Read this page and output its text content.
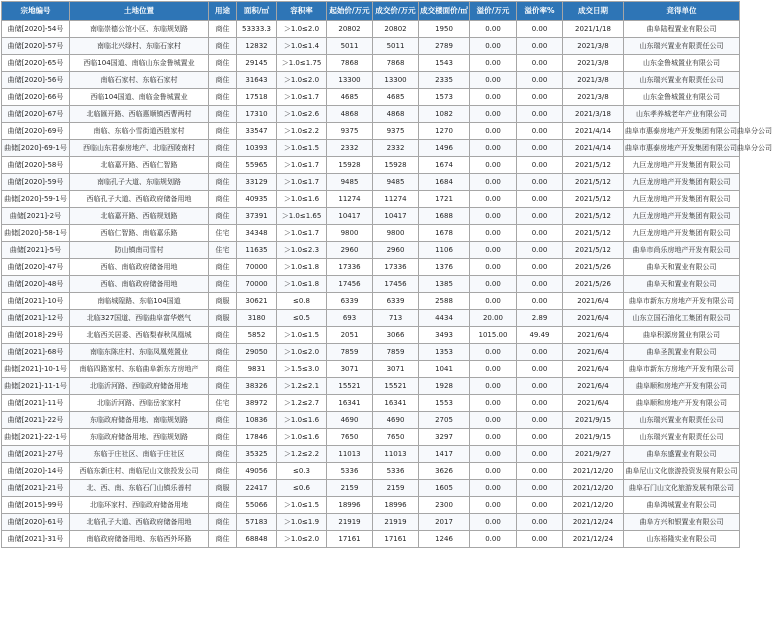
宗地编号	土地位置	用途	面积/㎡	容积率	起始价/万元	成交价/万元	成交楼面价/㎡	溢价/万元	溢价率%	成交日期	竞得单位
曲储[2020]-54号	南临崇德公馆小区、东临规划路	商住	53333.3	＞1.0≤2.0	20802	20802	1950	0.00	0.00	2021/1/18	曲阜陆程置业有限公司
曲储[2020]-57号	南临北兴绿村、东临石家村	商住	12832	＞1.0≤1.4	5011	5011	2789	0.00	0.00	2021/3/8	山东瑞兴置业有限责任公司
曲储[2020]-65号	西临104国道、南临山东金鲁城置业	商住	29145	＞1.0≤1.75	7868	7868	1543	0.00	0.00	2021/3/8	山东金鲁城置业有限公司
曲储[2020]-56号	南临石家村、东临石家村	商住	31643	＞1.0≤2.0	13300	13300	2335	0.00	0.00	2021/3/8	山东瑞兴置业有限责任公司
曲储[2020]-66号	西临104国道、南临金鲁城置业	商住	17518	＞1.0≤1.7	4685	4685	1573	0.00	0.00	2021/3/8	山东金鲁城置业有限公司
曲储[2020]-67号	北临匯开路、西临惠顺镇西曹两村	商住	17310	＞1.0≤2.6	4868	4868	1082	0.00	0.00	2021/3/18	山东孝养城老年产业有限公司
曲储[2020]-69号	南临、东临小雪街道西胜家村	商住	33547	＞1.0≤2.2	9375	9375	1270	0.00	0.00	2021/4/14	曲阜市惠泰房地产开发集团有限公司曲阜分公司
曲储[2020]-69-1号	西临山东君泰房地产、北临西陵南村	商住	10393	＞1.0≤1.5	2332	2332	1496	0.00	0.00	2021/4/14	曲阜市惠泰房地产开发集团有限公司曲阜分公司
曲储[2020]-58号	北临嘉开路、西临仁智路	商住	55965	＞1.0≤1.7	15928	15928	1674	0.00	0.00	2021/5/12	九巨龙房地产开发集团有限公司
曲储[2020]-59号	南临孔子大道、东临规划路	商住	33129	＞1.0≤1.7	9485	9485	1684	0.00	0.00	2021/5/12	九巨龙房地产开发集团有限公司
曲储[2020]-59-1号	西临孔子大道、西临政府储备用地	商住	40935	＞1.0≤1.6	11274	11274	1721	0.00	0.00	2021/5/12	九巨龙房地产开发集团有限公司
曲储[2021]-2号	北临嘉开路、西临规划路	商住	37391	＞1.0≤1.65	10417	10417	1688	0.00	0.00	2021/5/12	九巨龙房地产开发集团有限公司
曲储[2020]-58-1号	西临仁智路、南临嘉乐路	住宅	34348	＞1.0≤1.7	9800	9800	1678	0.00	0.00	2021/5/12	九巨龙房地产开发集团有限公司
曲储[2021]-5号	防山镇南司雪村	住宅	11635	＞1.0≤2.3	2960	2960	1106	0.00	0.00	2021/5/12	曲阜市尚乐房地产开发有限公司
曲储[2020]-47号	西临、南临政府储备用地	商住	70000	＞1.0≤1.8	17336	17336	1376	0.00	0.00	2021/5/26	曲阜天和置业有限公司
曲储[2020]-48号	西临、南临政府储备用地	商住	70000	＞1.0≤1.8	17456	17456	1385	0.00	0.00	2021/5/26	曲阜天和置业有限公司
曲储[2021]-10号	南临城隍路、东临104国道	商服	30621	≤0.8	6339	6339	2588	0.00	0.00	2021/6/4	曲阜市新东方房地产开发有限公司
曲储[2021]-12号	北临327国道、西临曲阜富华燃气	商服	3180	≤0.5	693	713	4434	20.00	2.89	2021/6/4	山东立国石油化工集团有限公司
曲储[2018]-29号	北临西关居委、西临梨春秋凤凰城	商住	5852	＞1.0≤1.5	2051	3066	3493	1015.00	49.49	2021/6/4	曲阜积源房置业有限公司
曲储[2021]-68号	南临东陈庄村、东临凤凰苑置业	商住	29050	＞1.0≤2.0	7859	7859	1353	0.00	0.00	2021/6/4	曲阜圣凯置业有限公司
曲储[2021]-10-1号	南临四路家村、东临曲阜新东方房地产	商住	9831	＞1.5≤3.0	3071	3071	1041	0.00	0.00	2021/6/4	曲阜市新东方房地产开发有限公司
曲储[2021]-11-1号	北临沂河路、西临政府储备用地	商住	38326	＞1.2≤2.1	15521	15521	1928	0.00	0.00	2021/6/4	曲阜顺和房地产开发有限公司
曲储[2021]-11号	北临沂河路、西临岳家家村	住宅	38972	＞1.2≤2.7	16341	16341	1553	0.00	0.00	2021/6/4	曲阜顺和房地产开发有限公司
曲储[2021]-22号	东临政府储备用地、南临规划路	商住	10836	＞1.0≤1.6	4690	4690	2705	0.00	0.00	2021/9/15	山东瑞兴置业有限责任公司
曲储[2021]-22-1号	东临政府储备用地、西临规划路	商住	17846	＞1.0≤1.6	7650	7650	3297	0.00	0.00	2021/9/15	山东瑞兴置业有限责任公司
曲储[2021]-27号	东临于庄社区、南临于庄社区	商住	35325	＞1.2≤2.2	11013	11013	1417	0.00	0.00	2021/9/27	曲阜东盛置业有限公司
曲储[2020]-14号	西临东新庄村、南临尼山文旅投发公司	商住	49056	≤0.3	5336	5336	3626	0.00	0.00	2021/12/20	曲阜尼山文化旅游投资发展有限公司
曲储[2021]-21号	北、西、南、东临石门山镇乐善村	商服	22417	≤0.6	2159	2159	1605	0.00	0.00	2021/12/20	曲阜石门山文化旅游发展有限公司
曲储[2015]-99号	北临环家村、西临政府储备用地	商住	55066	＞1.0≤1.5	18996	18996	2300	0.00	0.00	2021/12/20	曲阜鸿城置业有限公司
曲储[2020]-61号	北临孔子大道、西临政府储备用地	商住	57183	＞1.0≤1.9	21919	21919	2017	0.00	0.00	2021/12/24	曲阜方兴和银置业有限公司
曲储[2021]-31号	南临政府储备用地、东临西外环路	商住	68848	＞1.0≤2.0	17161	17161	1246	0.00	0.00	2021/12/24	山东裕隆实业有限公司
